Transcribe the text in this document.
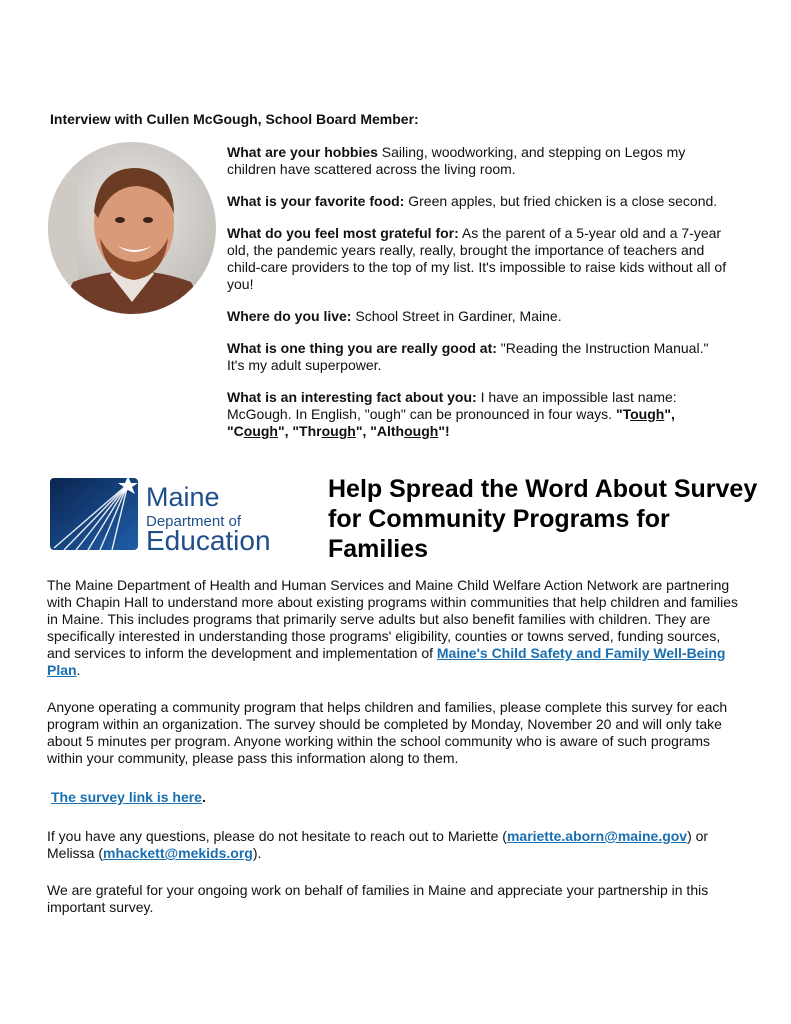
Interview with Cullen McGough, School Board Member:

What are your hobbies Sailing, woodworking, and stepping on Legos my children have scattered across the living room.

What is your favorite food: Green apples, but fried chicken is a close second.

What do you feel most grateful for: As the parent of a 5-year old and a 7-year old, the pandemic years really, really, brought the importance of teachers and child-care providers to the top of my list. It's impossible to raise kids without all of you!

Where do you live: School Street in Gardiner, Maine.

What is one thing you are really good at: "Reading the Instruction Manual." It's my adult superpower.

What is an interesting fact about you: I have an impossible last name: McGough. In English, "ough" can be pronounced in four ways. "Tough",
"Cough", "Through", "Although"!

Maine
Department of
Education
Help Spread the Word About Survey for Community Programs for Families

The Maine Department of Health and Human Services and Maine Child Welfare Action Network are partnering with Chapin Hall to understand more about existing programs within communities that help children and families in Maine. This includes programs that primarily serve adults but also benefit families with children. They are specifically interested in understanding those programs' eligibility, counties or towns served, funding sources, and services to inform the development and implementation of Maine's Child Safety and Family Well-Being Plan.

Anyone operating a community program that helps children and families, please complete this survey for each program within an organization. The survey should be completed by Monday, November 20 and will only take about 5 minutes per program. Anyone working within the school community who is aware of such programs within your community, please pass this information along to them.

The survey link is here.

If you have any questions, please do not hesitate to reach out to Mariette (mariette.aborn@maine.gov) or Melissa (mhackett@mekids.org).

We are grateful for your ongoing work on behalf of families in Maine and appreciate your partnership in this important survey.
